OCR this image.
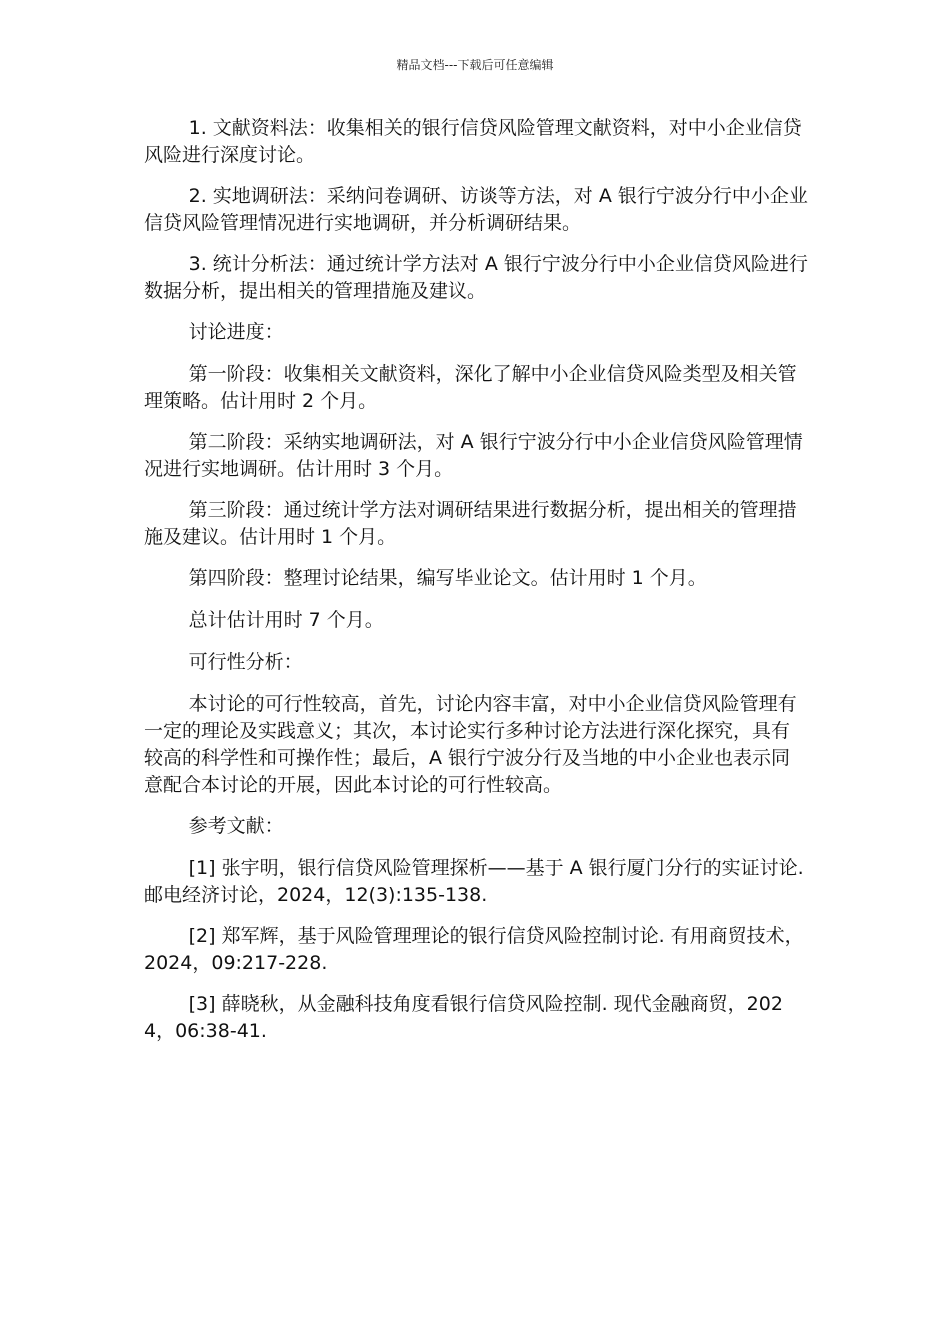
精品文档---下载后可任意编辑

1. 文献资料法：收集相关的银行信贷风险管理文献资料，对中小企业信贷风险进行深度讨论。

2. 实地调研法：采纳问卷调研、访谈等方法，对 A 银行宁波分行中小企业信贷风险管理情况进行实地调研，并分析调研结果。

3. 统计分析法：通过统计学方法对 A 银行宁波分行中小企业信贷风险进行数据分析，提出相关的管理措施及建议。

讨论进度：

第一阶段：收集相关文献资料，深化了解中小企业信贷风险类型及相关管理策略。估计用时 2 个月。

第二阶段：采纳实地调研法，对 A 银行宁波分行中小企业信贷风险管理情况进行实地调研。估计用时 3 个月。

第三阶段：通过统计学方法对调研结果进行数据分析，提出相关的管理措施及建议。估计用时 1 个月。

第四阶段：整理讨论结果，编写毕业论文。估计用时 1 个月。

总计估计用时 7 个月。

可行性分析：

本讨论的可行性较高，首先，讨论内容丰富，对中小企业信贷风险管理有一定的理论及实践意义；其次，本讨论实行多种讨论方法进行深化探究，具有较高的科学性和可操作性；最后，A 银行宁波分行及当地的中小企业也表示同意配合本讨论的开展，因此本讨论的可行性较高。

参考文献：

[1] 张宇明，银行信贷风险管理探析——基于 A 银行厦门分行的实证讨论. 邮电经济讨论，2024，12(3):135-138.

[2] 郑军辉，基于风险管理理论的银行信贷风险控制讨论. 有用商贸技术，2024，09:217-228.

[3] 薛晓秋，从金融科技角度看银行信贷风险控制. 现代金融商贸，2024，06:38-41.
